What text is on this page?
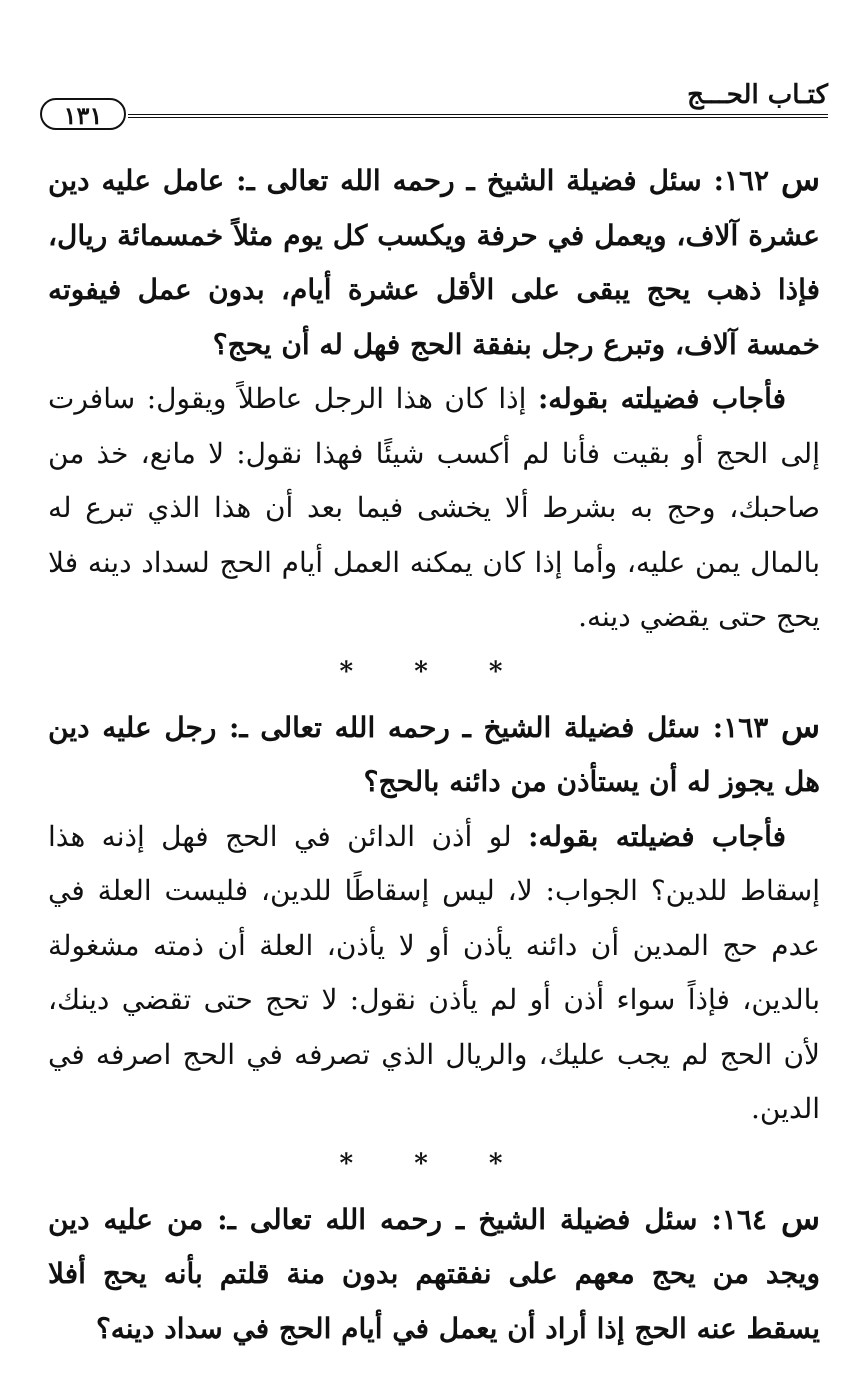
كتـاب الحـــج
١٣١

س ١٦٢: سئل فضيلة الشيخ ـ رحمه الله تعالى ـ: عامل عليه دين عشرة آلاف، ويعمل في حرفة ويكسب كل يوم مثلاً خمسمائة ريال، فإذا ذهب يحج يبقى على الأقل عشرة أيام، بدون عمل فيفوته خمسة آلاف، وتبرع رجل بنفقة الحج فهل له أن يحج؟

فأجاب فضيلته بقوله: إذا كان هذا الرجل عاطلاً ويقول: سافرت إلى الحج أو بقيت فأنا لم أكسب شيئًا فهذا نقول: لا مانع، خذ من صاحبك، وحج به بشرط ألا يخشى فيما بعد أن هذا الذي تبرع له بالمال يمن عليه، وأما إذا كان يمكنه العمل أيام الحج لسداد دينه فلا يحج حتى يقضي دينه.

* * *

س ١٦٣: سئل فضيلة الشيخ ـ رحمه الله تعالى ـ: رجل عليه دين هل يجوز له أن يستأذن من دائنه بالحج؟

فأجاب فضيلته بقوله: لو أذن الدائن في الحج فهل إذنه هذا إسقاط للدين؟ الجواب: لا، ليس إسقاطًا للدين، فليست العلة في عدم حج المدين أن دائنه يأذن أو لا يأذن، العلة أن ذمته مشغولة بالدين، فإذاً سواء أذن أو لم يأذن نقول: لا تحج حتى تقضي دينك، لأن الحج لم يجب عليك، والريال الذي تصرفه في الحج اصرفه في الدين.

* * *

س ١٦٤: سئل فضيلة الشيخ ـ رحمه الله تعالى ـ: من عليه دين ويجد من يحج معهم على نفقتهم بدون منة قلتم بأنه يحج أفلا يسقط عنه الحج إذا أراد أن يعمل في أيام الحج في سداد دينه؟
